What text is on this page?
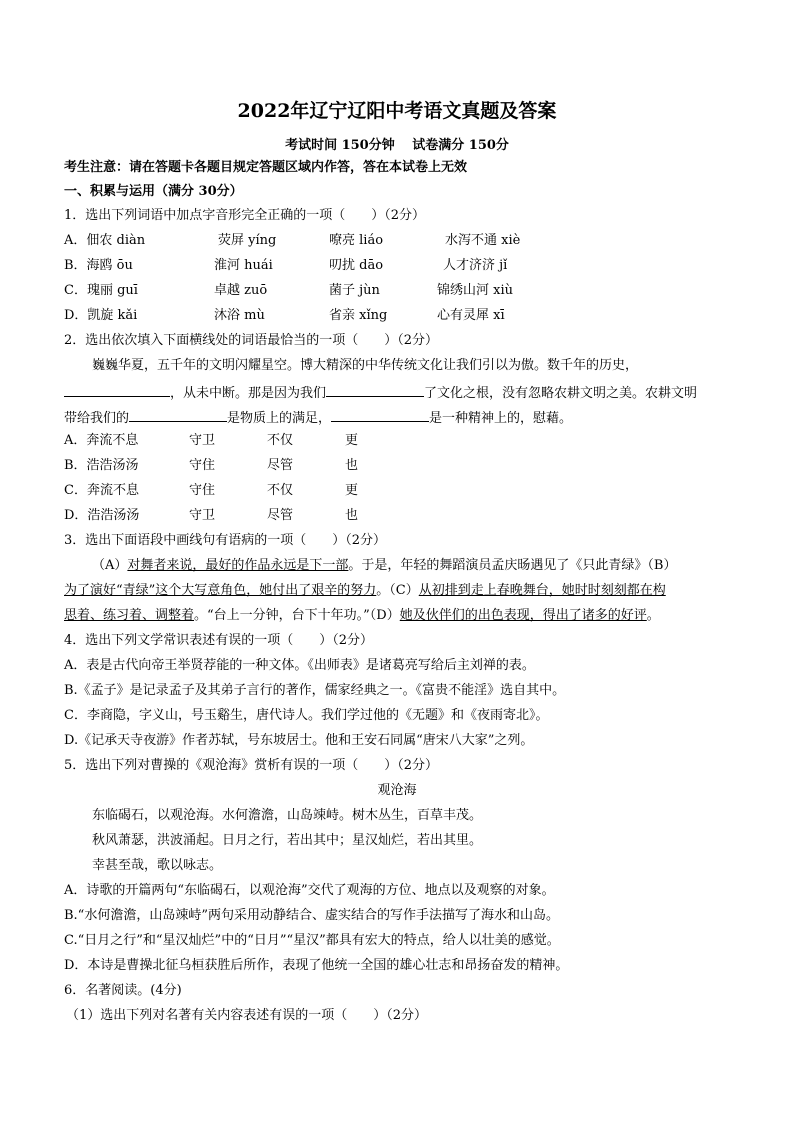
2022年辽宁辽阳中考语文真题及答案
考试时间 150分钟　 试卷满分 150分
考生注意：请在答题卡各题目规定答题区域内作答，答在本试卷上无效
一、积累与运用（满分 30分）
1．选出下列词语中加点字音形完全正确的一项（　　）（2分）
A．佃农 diàn	荧屏 yíng	嘹亮 liáo	水泻不通 xiè
B．海鸥 ōu	淮河 huái	叨扰 dāo	人才济济 jǐ
C．瑰丽 guī	卓越 zuō	菌子 jùn	锦绣山河 xiù
D．凯旋 kǎi	沐浴 mù	省亲 xǐng	心有灵犀 xī
2．选出依次填入下面横线处的词语最恰当的一项（　　）（2分）
巍巍华夏，五千年的文明闪耀星空。博大精深的中华传统文化让我们引以为傲。数千年的历史，
，从未中断。那是因为我们	了文化之根，没有忽略农耕文明之美。农耕文明
带给我们的	是物质上的满足，	是一种精神上的，慰藉。
A．奔流不息	守卫	不仅	更
B．浩浩汤汤	守住	尽管	也
C．奔流不息	守住	不仅	更
D．浩浩汤汤	守卫	尽管	也
3．选出下面语段中画线句有语病的一项（　　）（2分）
（A）对舞者来说，最好的作品永远是下一部。于是，年轻的舞蹈演员孟庆旸遇见了《只此青绿》（B）
为了演好“青绿”这个大写意角色，她付出了艰辛的努力。（C）从初排到走上春晚舞台，她时时刻刻都在构
思着、练习着、调整着。“台上一分钟，台下十年功。”（D）她及伙伴们的出色表现，得出了诸多的好评。
4．选出下列文学常识表述有误的一项（　　）（2分）
A．表是古代向帝王举贤荐能的一种文体。《出师表》是诸葛亮写给后主刘禅的表。
B.《孟子》是记录孟子及其弟子言行的著作，儒家经典之一。《富贵不能淫》选自其中。
C．李商隐，字义山，号玉谿生，唐代诗人。我们学过他的《无题》和《夜雨寄北》。
D.《记承天寺夜游》作者苏轼，号东坡居士。他和王安石同属“唐宋八大家”之列。
5．选出下列对曹操的《观沧海》赏析有误的一项（　　）（2分）
观沧海
东临碣石，以观沧海。水何澹澹，山岛竦峙。树木丛生，百草丰茂。
秋风萧瑟，洪波涌起。日月之行，若出其中；星汉灿烂，若出其里。
幸甚至哉，歌以咏志。
A．诗歌的开篇两句“东临碣石，以观沧海”交代了观海的方位、地点以及观察的对象。
B.“水何澹澹，山岛竦峙”两句采用动静结合、虚实结合的写作手法描写了海水和山岛。
C.“日月之行”和“星汉灿烂”中的“日月”“星汉”都具有宏大的特点，给人以壮美的感觉。
D．本诗是曹操北征乌桓获胜后所作，表现了他统一全国的雄心壮志和昂扬奋发的精神。
6．名著阅读。(4分)
（1）选出下列对名著有关内容表述有误的一项（　　）（2分）
